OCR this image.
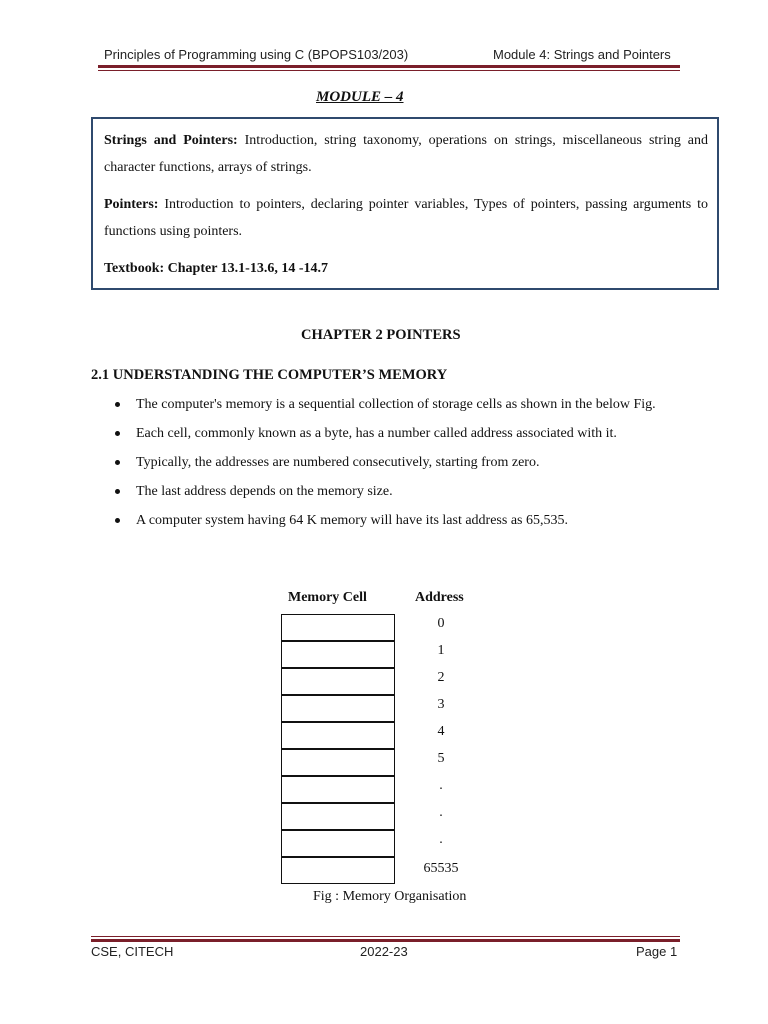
Principles of Programming using C (BPOPS103/203)	Module 4: Strings and Pointers
MODULE – 4

Strings and Pointers: Introduction, string taxonomy, operations on strings, miscellaneous string and character functions, arrays of strings.

Pointers: Introduction to pointers, declaring pointer variables, Types of pointers, passing arguments to functions using pointers.

Textbook: Chapter 13.1-13.6, 14 -14.7

CHAPTER 2 POINTERS
2.1 UNDERSTANDING THE COMPUTER’S MEMORY
The computer's memory is a sequential collection of storage cells as shown in the below Fig.
Each cell, commonly known as a byte, has a number called address associated with it.
Typically, the addresses are numbered consecutively, starting from zero.
The last address depends on the memory size.
A computer system having 64 K memory will have its last address as 65,535.
Memory Cell	Address
0
1
2
3
4
5
.
.
.
65535
Fig : Memory Organisation
CSE, CITECH	2022-23	Page 1
